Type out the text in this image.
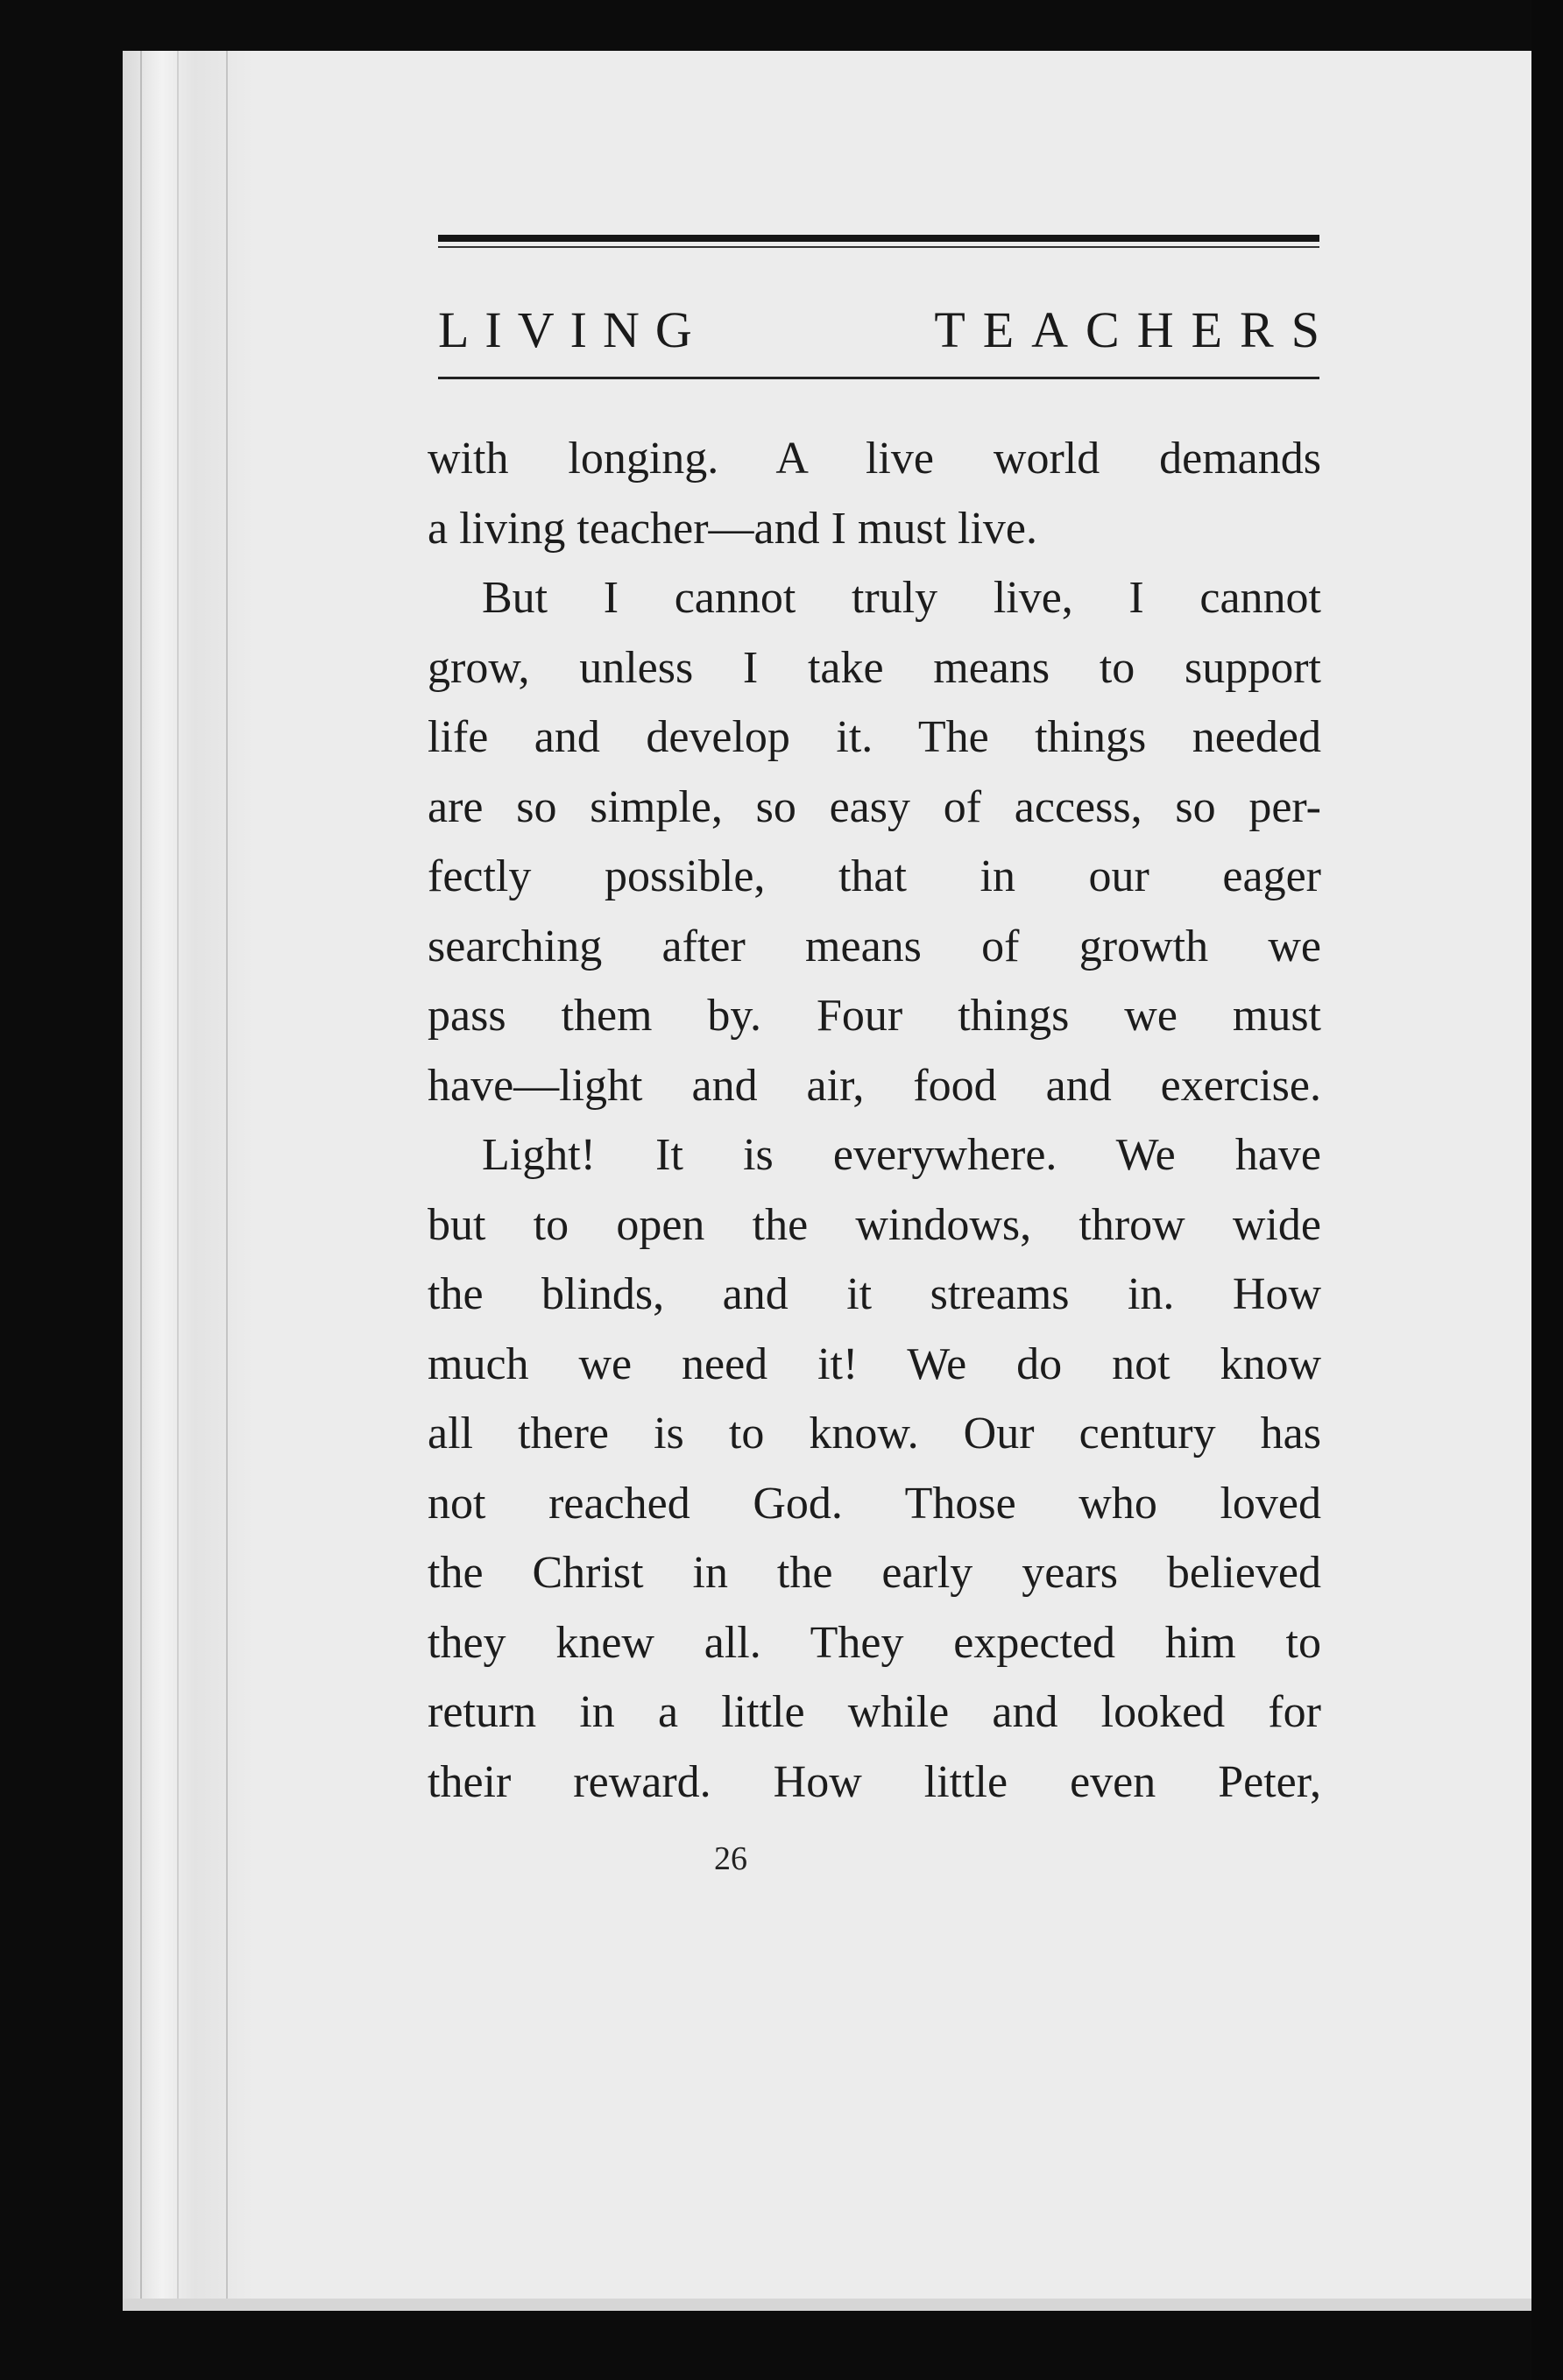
LIVING	TEACHERS
with longing. A live world demands
a living teacher—and I must live.
But I cannot truly live, I cannot
grow, unless I take means to support
life and develop it. The things needed
are so simple, so easy of access, so per-
fectly possible, that in our eager
searching after means of growth we
pass them by. Four things we must
have—light and air, food and exercise.
Light! It is everywhere. We have
but to open the windows, throw wide
the blinds, and it streams in. How
much we need it! We do not know
all there is to know. Our century has
not reached God. Those who loved
the Christ in the early years believed
they knew all. They expected him to
return in a little while and looked for
their reward. How little even Peter,
26
